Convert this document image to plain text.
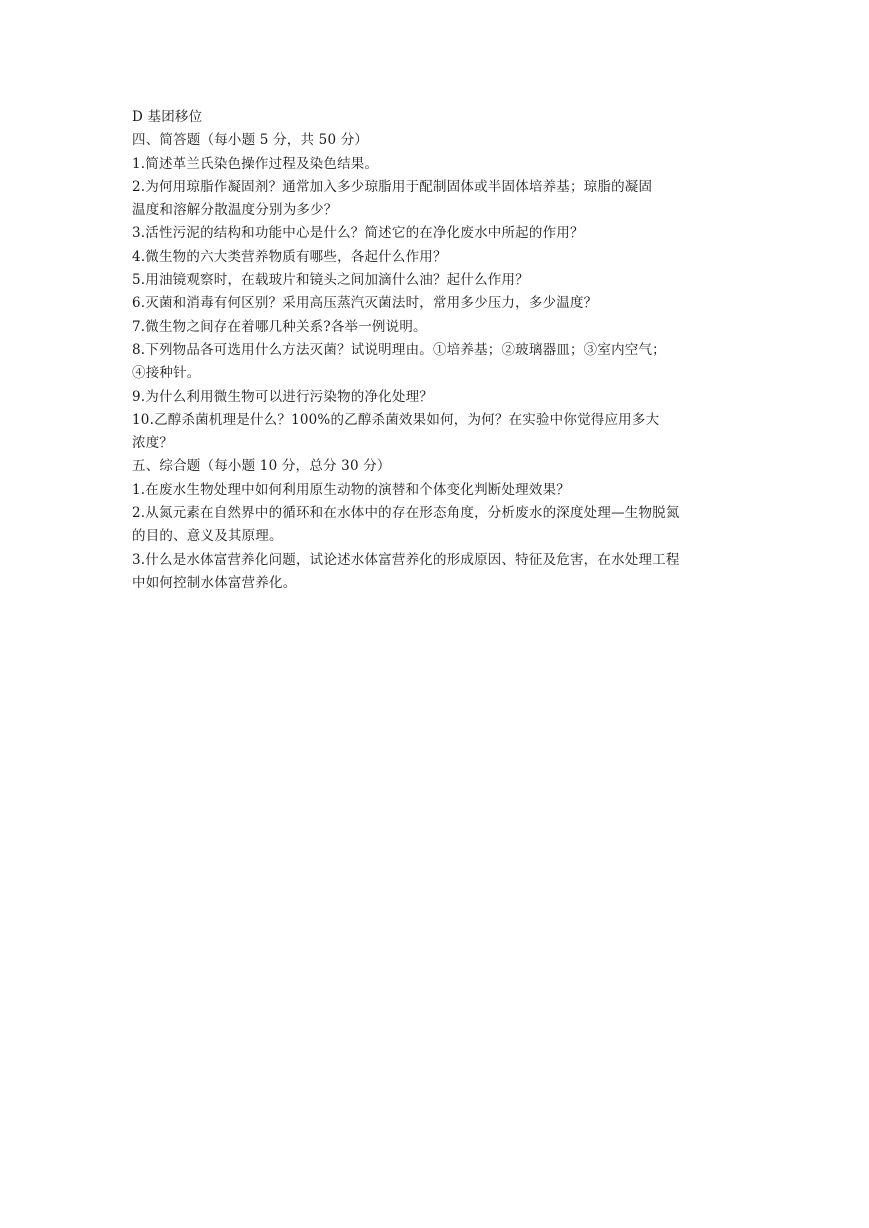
D 基团移位
四、简答题（每小题 5 分，共 50 分）
1.简述革兰氏染色操作过程及染色结果。
2.为何用琼脂作凝固剂？通常加入多少琼脂用于配制固体或半固体培养基；琼脂的凝固
温度和溶解分散温度分别为多少？
3.活性污泥的结构和功能中心是什么？简述它的在净化废水中所起的作用？
4.微生物的六大类营养物质有哪些，各起什么作用？
5.用油镜观察时，在载玻片和镜头之间加滴什么油？起什么作用？
6.灭菌和消毒有何区别？采用高压蒸汽灭菌法时，常用多少压力，多少温度？
7.微生物之间存在着哪几种关系?各举一例说明。
8.下列物品各可选用什么方法灭菌？试说明理由。①培养基；②玻璃器皿；③室内空气；
④接种针。
9.为什么利用微生物可以进行污染物的净化处理？
10.乙醇杀菌机理是什么？100%的乙醇杀菌效果如何，为何？在实验中你觉得应用多大
浓度？
五、综合题（每小题 10 分，总分 30 分）
1.在废水生物处理中如何利用原生动物的演替和个体变化判断处理效果？
2.从氮元素在自然界中的循环和在水体中的存在形态角度，分析废水的深度处理—生物脱氮
的目的、意义及其原理。
3.什么是水体富营养化问题，试论述水体富营养化的形成原因、特征及危害，在水处理工程
中如何控制水体富营养化。
